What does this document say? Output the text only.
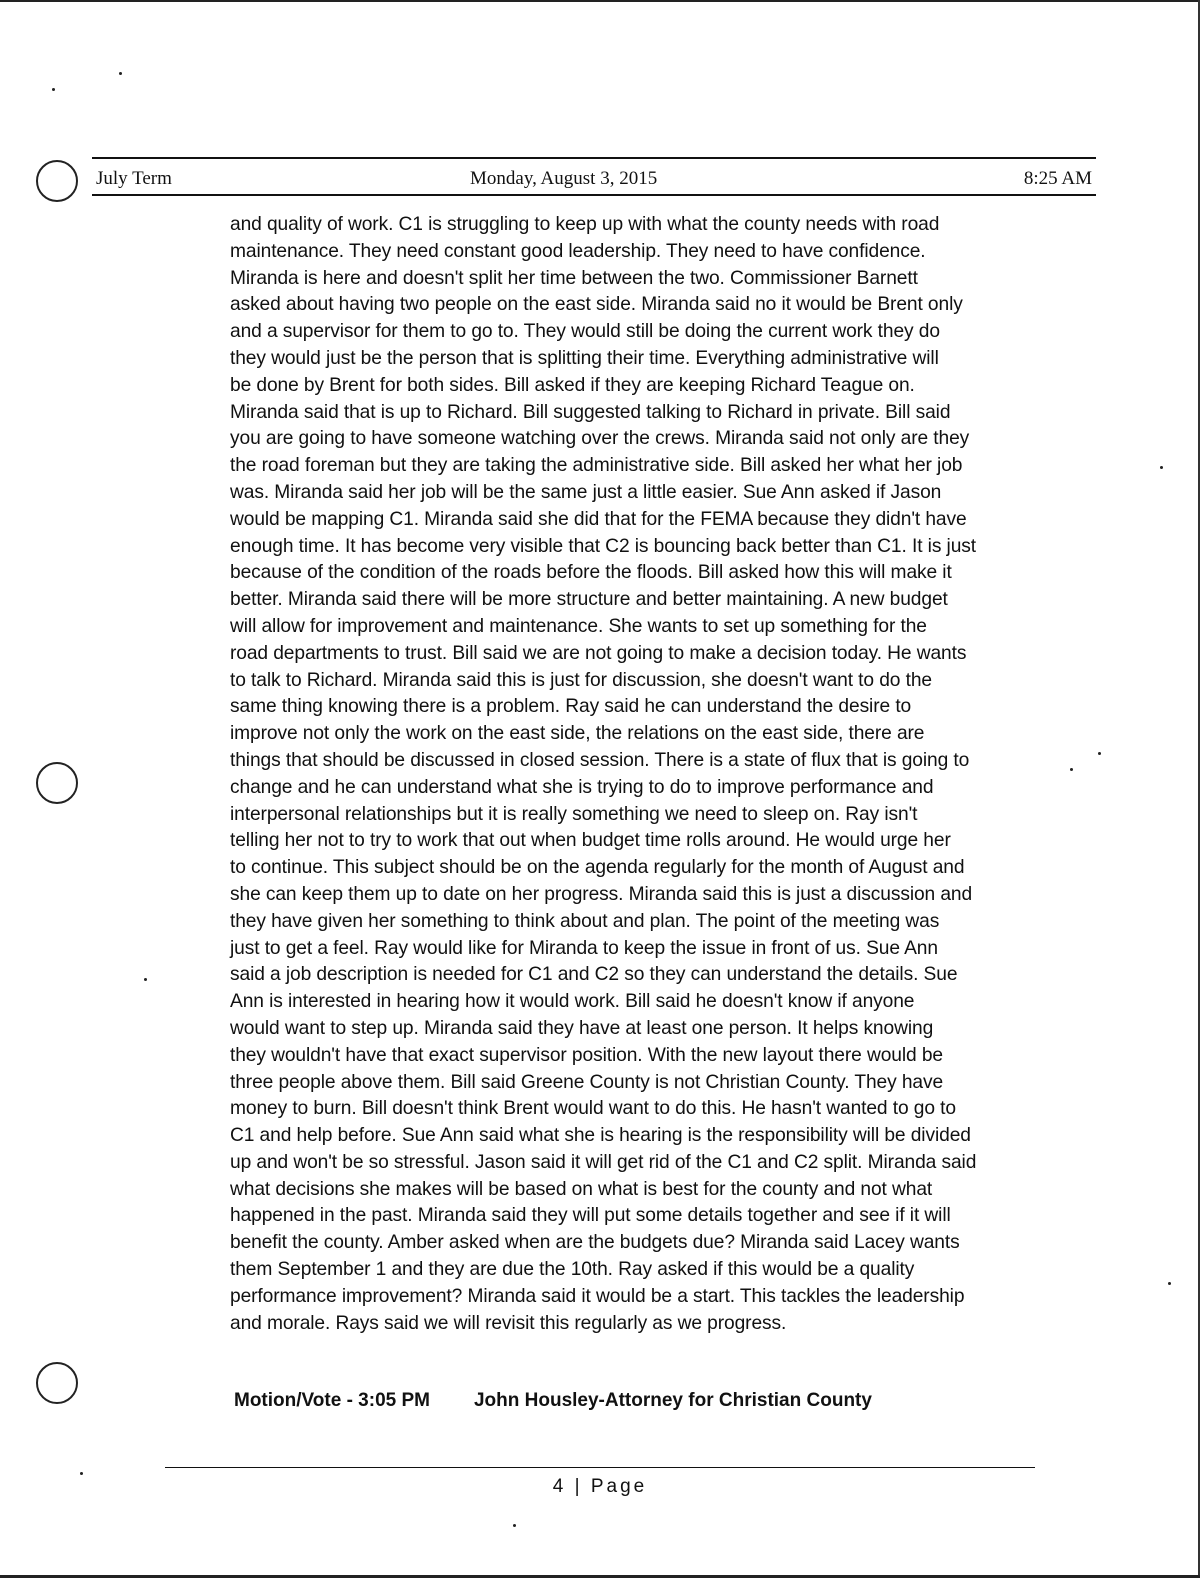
July Term	Monday, August 3, 2015	8:25 AM
and quality of work. C1 is struggling to keep up with what the county needs with road
maintenance. They need constant good leadership. They need to have confidence.
Miranda is here and doesn't split her time between the two. Commissioner Barnett
asked about having two people on the east side. Miranda said no it would be Brent only
and a supervisor for them to go to. They would still be doing the current work they do
they would just be the person that is splitting their time. Everything administrative will
be done by Brent for both sides. Bill asked if they are keeping Richard Teague on.
Miranda said that is up to Richard. Bill suggested talking to Richard in private. Bill said
you are going to have someone watching over the crews. Miranda said not only are they
the road foreman but they are taking the administrative side. Bill asked her what her job
was. Miranda said her job will be the same just a little easier. Sue Ann asked if Jason
would be mapping C1. Miranda said she did that for the FEMA because they didn't have
enough time. It has become very visible that C2 is bouncing back better than C1. It is just
because of the condition of the roads before the floods. Bill asked how this will make it
better. Miranda said there will be more structure and better maintaining. A new budget
will allow for improvement and maintenance. She wants to set up something for the
road departments to trust. Bill said we are not going to make a decision today. He wants
to talk to Richard. Miranda said this is just for discussion, she doesn't want to do the
same thing knowing there is a problem. Ray said he can understand the desire to
improve not only the work on the east side, the relations on the east side, there are
things that should be discussed in closed session. There is a state of flux that is going to
change and he can understand what she is trying to do to improve performance and
interpersonal relationships but it is really something we need to sleep on. Ray isn't
telling her not to try to work that out when budget time rolls around. He would urge her
to continue. This subject should be on the agenda regularly for the month of August and
she can keep them up to date on her progress. Miranda said this is just a discussion and
they have given her something to think about and plan. The point of the meeting was
just to get a feel. Ray would like for Miranda to keep the issue in front of us. Sue Ann
said a job description is needed for C1 and C2 so they can understand the details. Sue
Ann is interested in hearing how it would work. Bill said he doesn't know if anyone
would want to step up. Miranda said they have at least one person. It helps knowing
they wouldn't have that exact supervisor position. With the new layout there would be
three people above them. Bill said Greene County is not Christian County. They have
money to burn. Bill doesn't think Brent would want to do this. He hasn't wanted to go to
C1 and help before. Sue Ann said what she is hearing is the responsibility will be divided
up and won't be so stressful. Jason said it will get rid of the C1 and C2 split. Miranda said
what decisions she makes will be based on what is best for the county and not what
happened in the past. Miranda said they will put some details together and see if it will
benefit the county. Amber asked when are the budgets due? Miranda said Lacey wants
them September 1 and they are due the 10th. Ray asked if this would be a quality
performance improvement? Miranda said it would be a start. This tackles the leadership
and morale. Rays said we will revisit this regularly as we progress.
Motion/Vote - 3:05 PM John Housley-Attorney for Christian County
4 | Page
